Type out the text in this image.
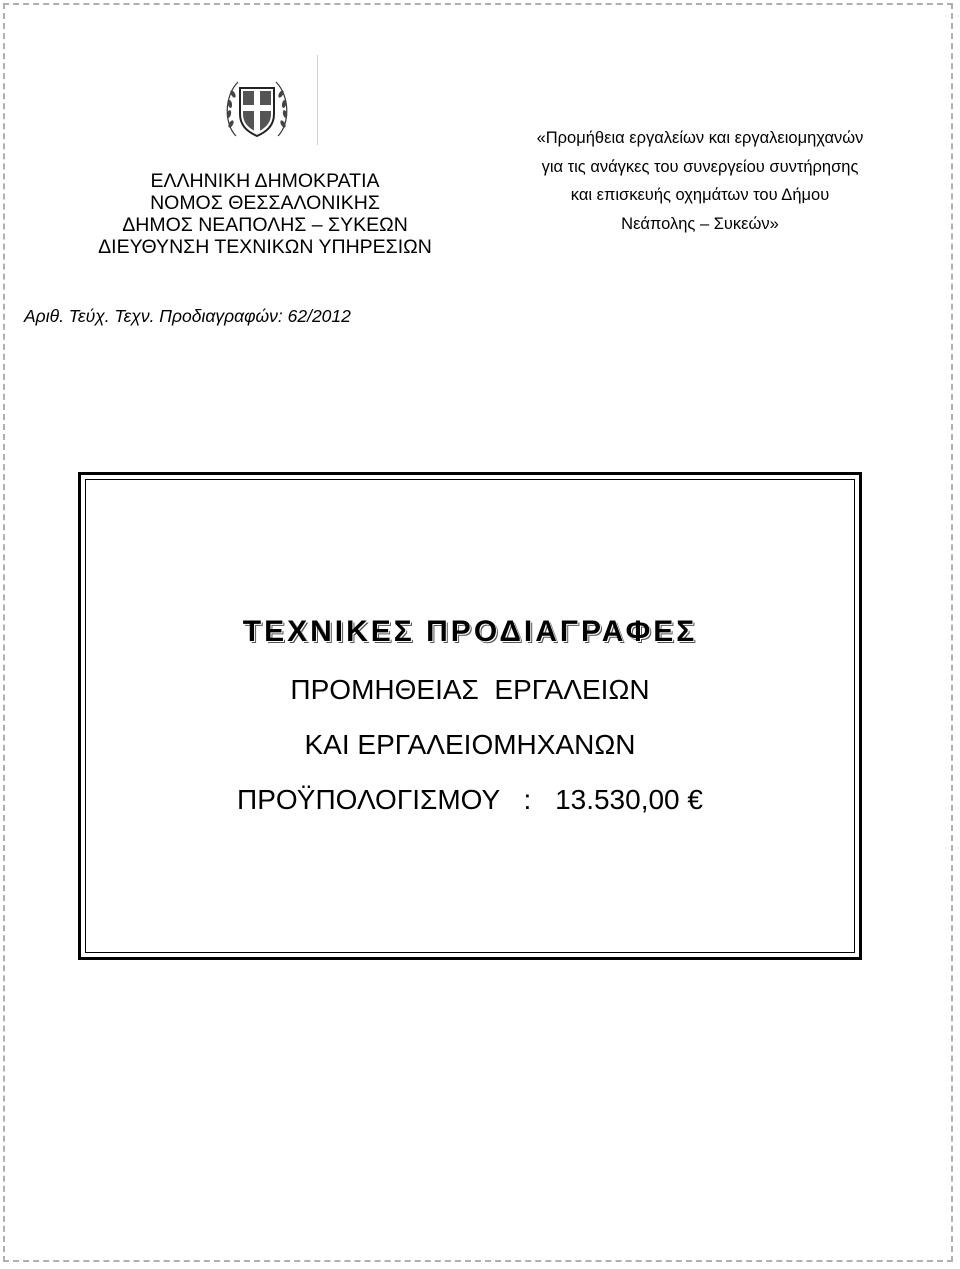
ΕΛΛΗΝΙΚΗ ΔΗΜΟΚΡΑΤΙΑ
ΝΟΜΟΣ ΘΕΣΣΑΛΟΝΙΚΗΣ
ΔΗΜΟΣ ΝΕΑΠΟΛΗΣ – ΣΥΚΕΩΝ
ΔΙΕΥΘΥΝΣΗ ΤΕΧΝΙΚΩΝ ΥΠΗΡΕΣΙΩΝ
«Προμήθεια εργαλείων και εργαλειομηχανών
για τις ανάγκες του συνεργείου συντήρησης
και επισκευής οχημάτων του Δήμου
Νεάπολης – Συκεών»
Αριθ. Τεύχ. Τεχν. Προδιαγραφών: 62/2012
ΤΕΧΝΙΚΕΣ ΠΡΟΔΙΑΓΡΑΦΕΣ
ΠΡΟΜΗΘΕΙΑΣ  ΕΡΓΑΛΕΙΩΝ
ΚΑΙ ΕΡΓΑΛΕΙΟΜΗΧΑΝΩΝ
ΠΡΟΫΠΟΛΟΓΙΣΜΟΥ : 13.530,00 €
